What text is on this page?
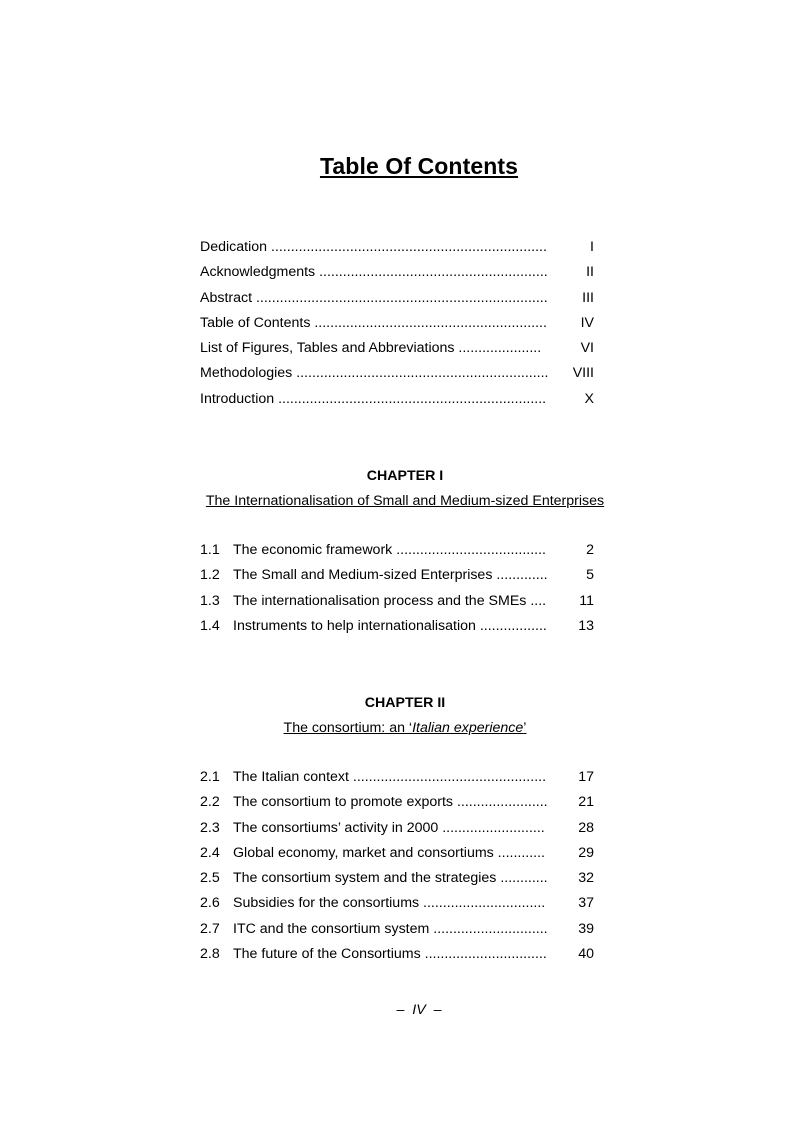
Table Of Contents
Dedication ......................................................................	I
Acknowledgments ..........................................................	II
Abstract ..........................................................................	III
Table of Contents ...........................................................	IV
List of Figures, Tables and Abbreviations .....................	VI
Methodologies ................................................................	VIII
Introduction ....................................................................	X
CHAPTER I
The Internationalisation of Small and Medium-sized Enterprises
1.1 The economic framework ......................................	2
1.2 The Small and Medium-sized Enterprises .............	5
1.3 The internationalisation process and the SMEs ....	11
1.4 Instruments to help internationalisation .................	13
CHAPTER II
The consortium: an ‘Italian experience’
2.1 The Italian context .................................................	17
2.2 The consortium to promote exports .......................	21
2.3 The consortiums’ activity in 2000 ..........................	28
2.4 Global economy, market and consortiums ............	29
2.5 The consortium system and the strategies ............	32
2.6 Subsidies for the consortiums ...............................	37
2.7 ITC and the consortium system .............................	39
2.8 The future of the Consortiums ...............................	40
– IV –
